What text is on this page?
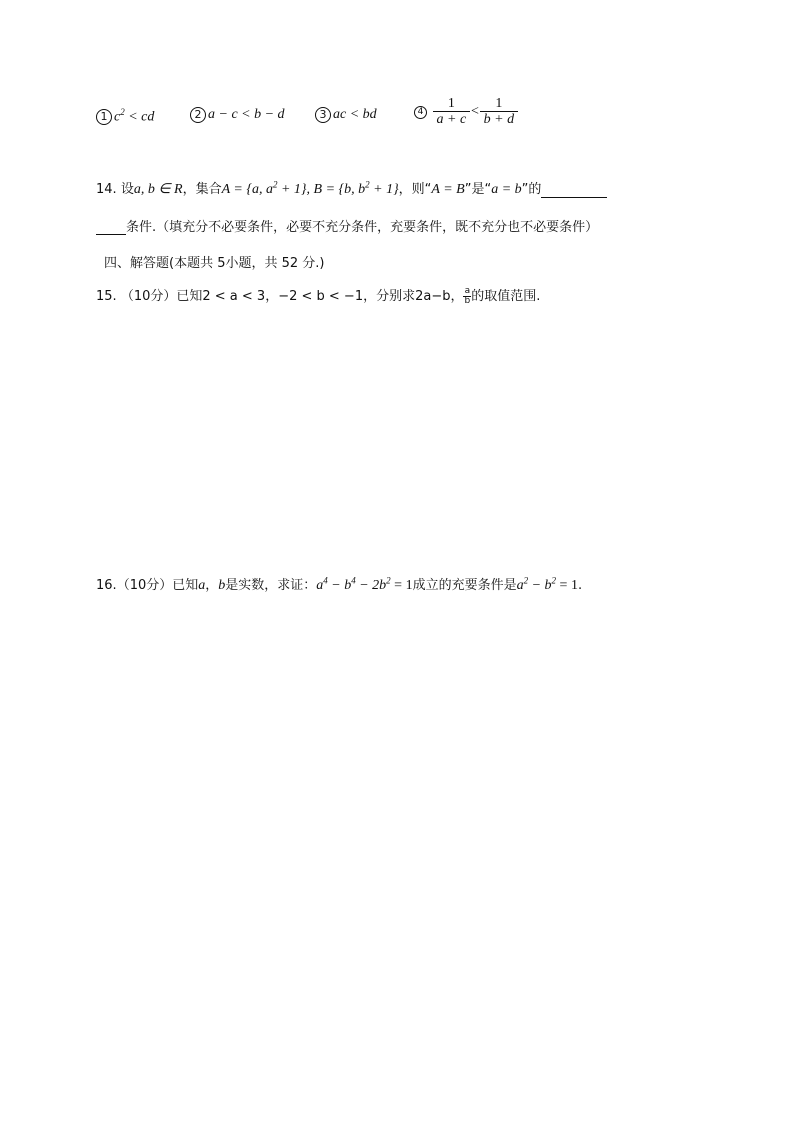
1 $c^2$ < cd	2 a − c < b − d	3 ac < bd	$4 \frac{1}{a + c} < \frac{1}{b + d}$
14. 设a, b ∈ R，集合A = {a, $a^2 + 1$}, B = {b, $b^2 + 1$}，则“A = B”是“a = b”的
条件.（填充分不必要条件，必要不充分条件，充要条件，既不充分也不必要条件）
四、解答题(本题共 5小题，共 52 分.)
15. （10分）已知2 < a < 3，−2 < b < −1，分别求2a−b， $\frac{a}{b}$ 的取值范围.
16.（10分）已知a，b是实数，求证：$a^4 - b^4 - 2b^2 = 1$成立的充要条件是$a^2 - b^2 = 1$.
